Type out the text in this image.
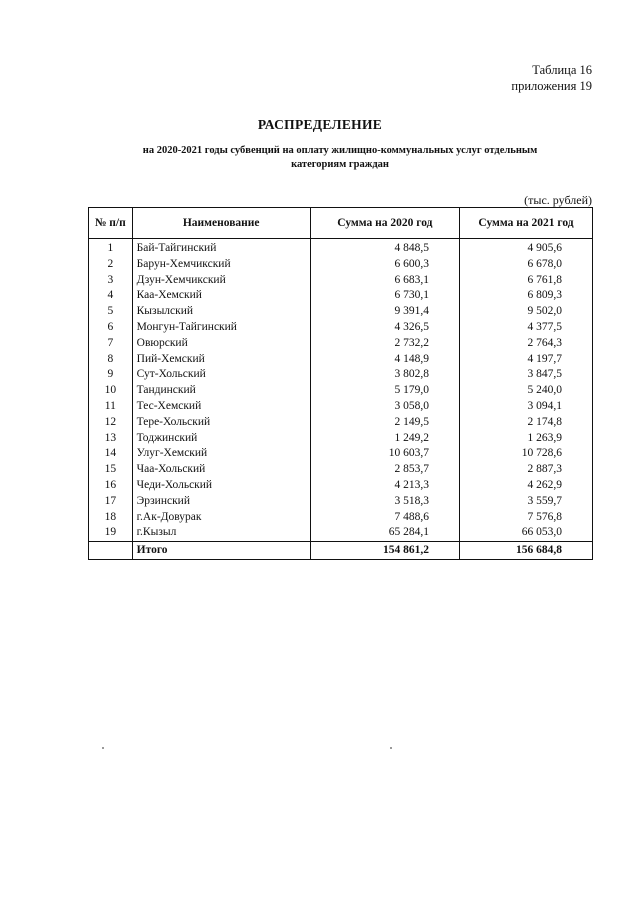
Таблица 16
приложения 19
РАСПРЕДЕЛЕНИЕ
на 2020-2021 годы субвенций на оплату жилищно-коммунальных услуг отдельным
категориям граждан
(тыс. рублей)
№ п/п	Наименование	Сумма на 2020 год	Сумма на 2021 год
1	Бай-Тайгинский	4 848,5	4 905,6
2	Барун-Хемчикский	6 600,3	6 678,0
3	Дзун-Хемчикский	6 683,1	6 761,8
4	Каа-Хемский	6 730,1	6 809,3
5	Кызылский	9 391,4	9 502,0
6	Монгун-Тайгинский	4 326,5	4 377,5
7	Овюрский	2 732,2	2 764,3
8	Пий-Хемский	4 148,9	4 197,7
9	Сут-Хольский	3 802,8	3 847,5
10	Тандинский	5 179,0	5 240,0
11	Тес-Хемский	3 058,0	3 094,1
12	Тере-Хольский	2 149,5	2 174,8
13	Тоджинский	1 249,2	1 263,9
14	Улуг-Хемский	10 603,7	10 728,6
15	Чаа-Хольский	2 853,7	2 887,3
16	Чеди-Хольский	4 213,3	4 262,9
17	Эрзинский	3 518,3	3 559,7
18	г.Ак-Довурак	7 488,6	7 576,8
19	г.Кызыл	65 284,1	66 053,0
	Итого	154 861,2	156 684,8
